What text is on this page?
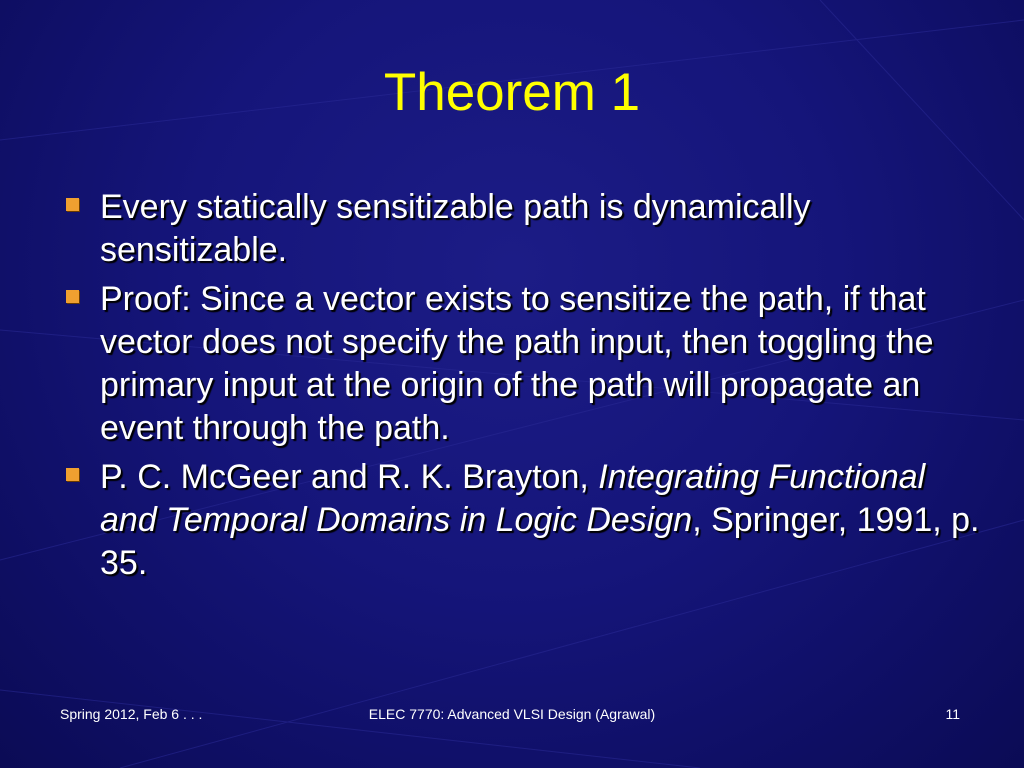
Theorem 1
Every statically sensitizable path is dynamically sensitizable.
Proof: Since a vector exists to sensitize the path, if that vector does not specify the path input, then toggling the primary input at the origin of the path will propagate an event through the path.
P. C. McGeer and R. K. Brayton, Integrating Functional and Temporal Domains in Logic Design, Springer, 1991, p. 35.
Spring 2012, Feb 6 . . .	ELEC 7770: Advanced VLSI Design (Agrawal)	11
